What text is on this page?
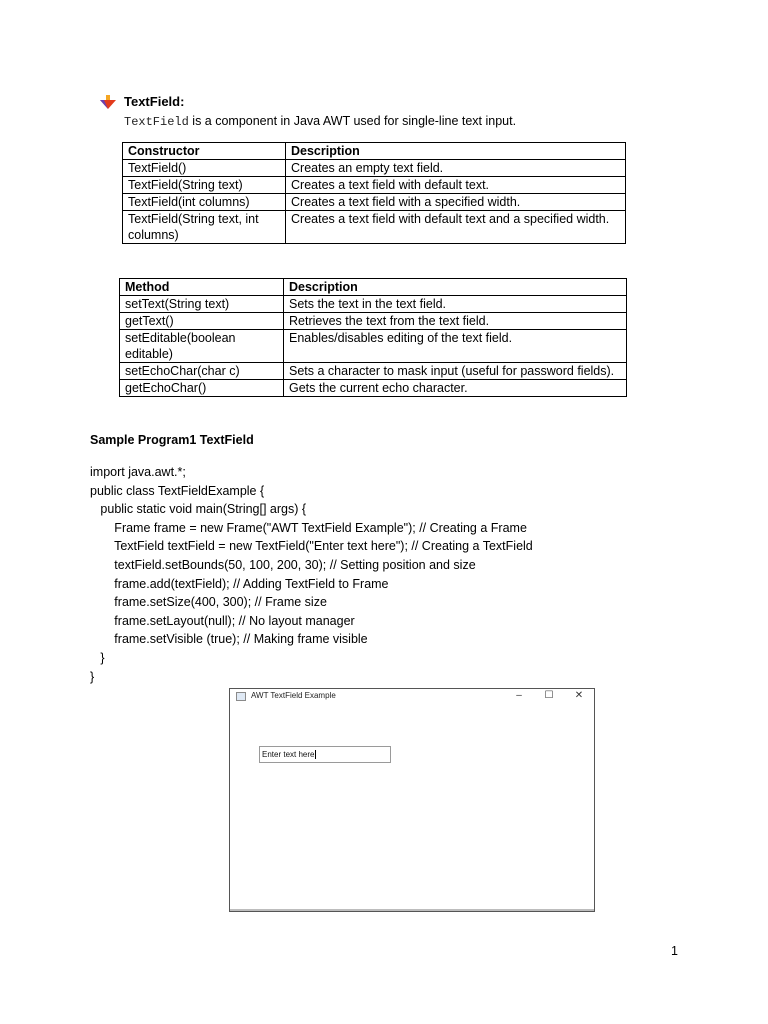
TextField:
TextField is a component in Java AWT used for single-line text input.
Constructor	Description
TextField()	Creates an empty text field.
TextField(String text)	Creates a text field with default text.
TextField(int columns)	Creates a text field with a specified width.
TextField(String text, int columns)	Creates a text field with default text and a specified width.
Method	Description
setText(String text)	Sets the text in the text field.
getText()	Retrieves the text from the text field.
setEditable(boolean editable)	Enables/disables editing of the text field.
setEchoChar(char c)	Sets a character to mask input (useful for password fields).
getEchoChar()	Gets the current echo character.
Sample Program1 TextField
import java.awt.*;
public class TextFieldExample {
public static void main(String[] args) {
Frame frame = new Frame("AWT TextField Example"); // Creating a Frame
TextField textField = new TextField("Enter text here"); // Creating a TextField
textField.setBounds(50, 100, 200, 30); // Setting position and size
frame.add(textField); // Adding TextField to Frame
frame.setSize(400, 300); // Frame size
frame.setLayout(null); // No layout manager
frame.setVisible (true); // Making frame visible
}
}
AWT TextField Example	–	☐ ✕
Enter text here
1
